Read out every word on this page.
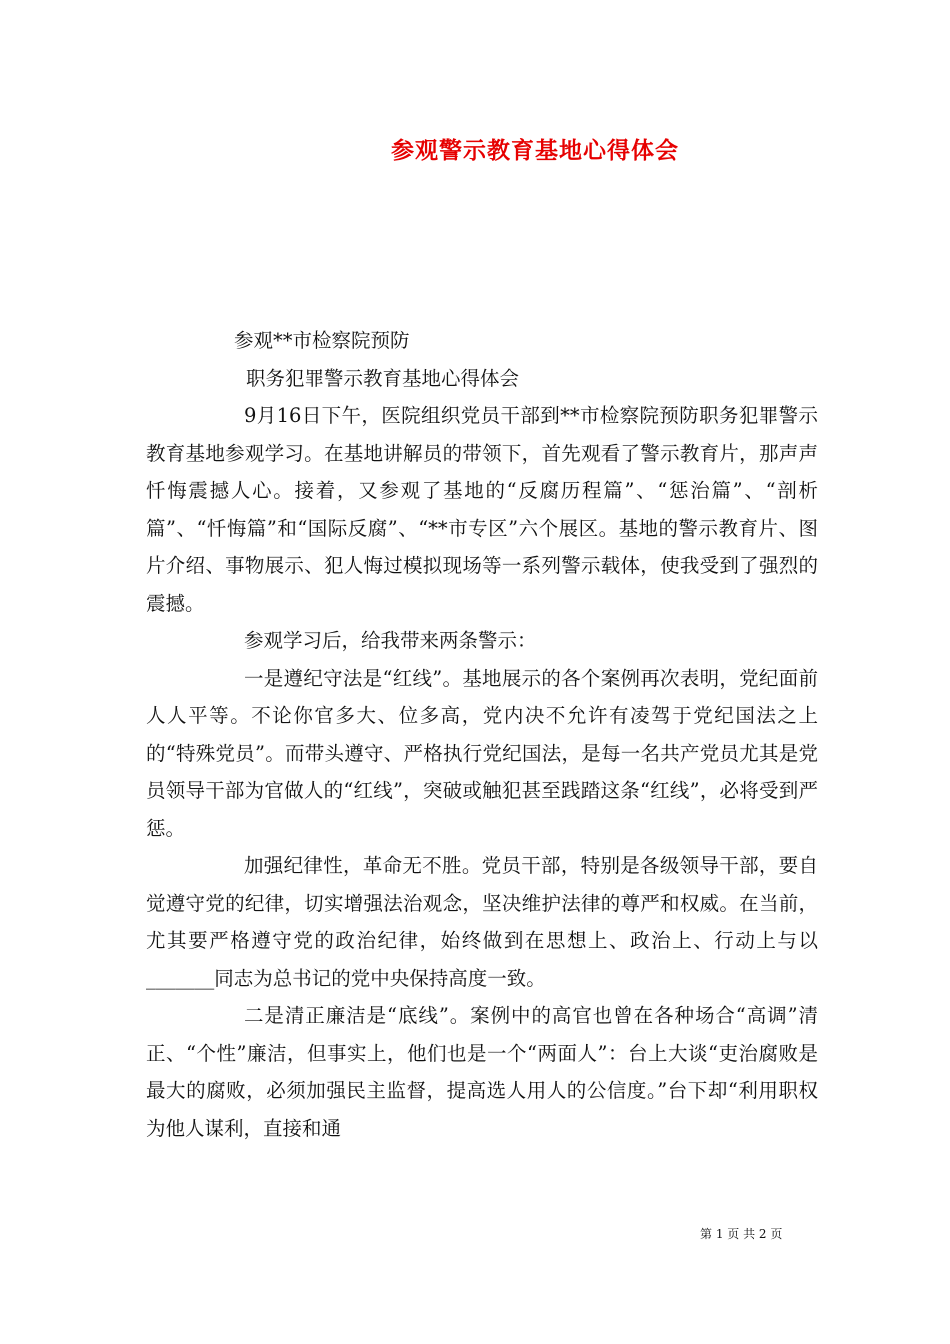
参观警示教育基地心得体会

参观**市检察院预防

职务犯罪警示教育基地心得体会

9月16日下午，医院组织党员干部到**市检察院预防职务犯罪警示教育基地参观学习。在基地讲解员的带领下，首先观看了警示教育片，那声声忏悔震撼人心。接着，又参观了基地的“反腐历程篇”、“惩治篇”、“剖析篇”、“忏悔篇”和“国际反腐”、“**市专区”六个展区。基地的警示教育片、图片介绍、事物展示、犯人悔过模拟现场等一系列警示载体，使我受到了强烈的震撼。

参观学习后，给我带来两条警示：

一是遵纪守法是“红线”。基地展示的各个案例再次表明，党纪面前人人平等。不论你官多大、位多高，党内决不允许有凌驾于党纪国法之上的“特殊党员”。而带头遵守、严格执行党纪国法，是每一名共产党员尤其是党员领导干部为官做人的“红线”，突破或触犯甚至践踏这条“红线”，必将受到严惩。

加强纪律性，革命无不胜。党员干部，特别是各级领导干部，要自觉遵守党的纪律，切实增强法治观念，坚决维护法律的尊严和权威。在当前，尤其要严格遵守党的政治纪律，始终做到在思想上、政治上、行动上与以_______同志为总书记的党中央保持高度一致。

二是清正廉洁是“底线”。案例中的高官也曾在各种场合“高调”清正、“个性”廉洁，但事实上，他们也是一个“两面人”：台上大谈“吏治腐败是最大的腐败，必须加强民主监督，提高选人用人的公信度。”台下却“利用职权为他人谋利，直接和通

第 1 页 共 2 页
